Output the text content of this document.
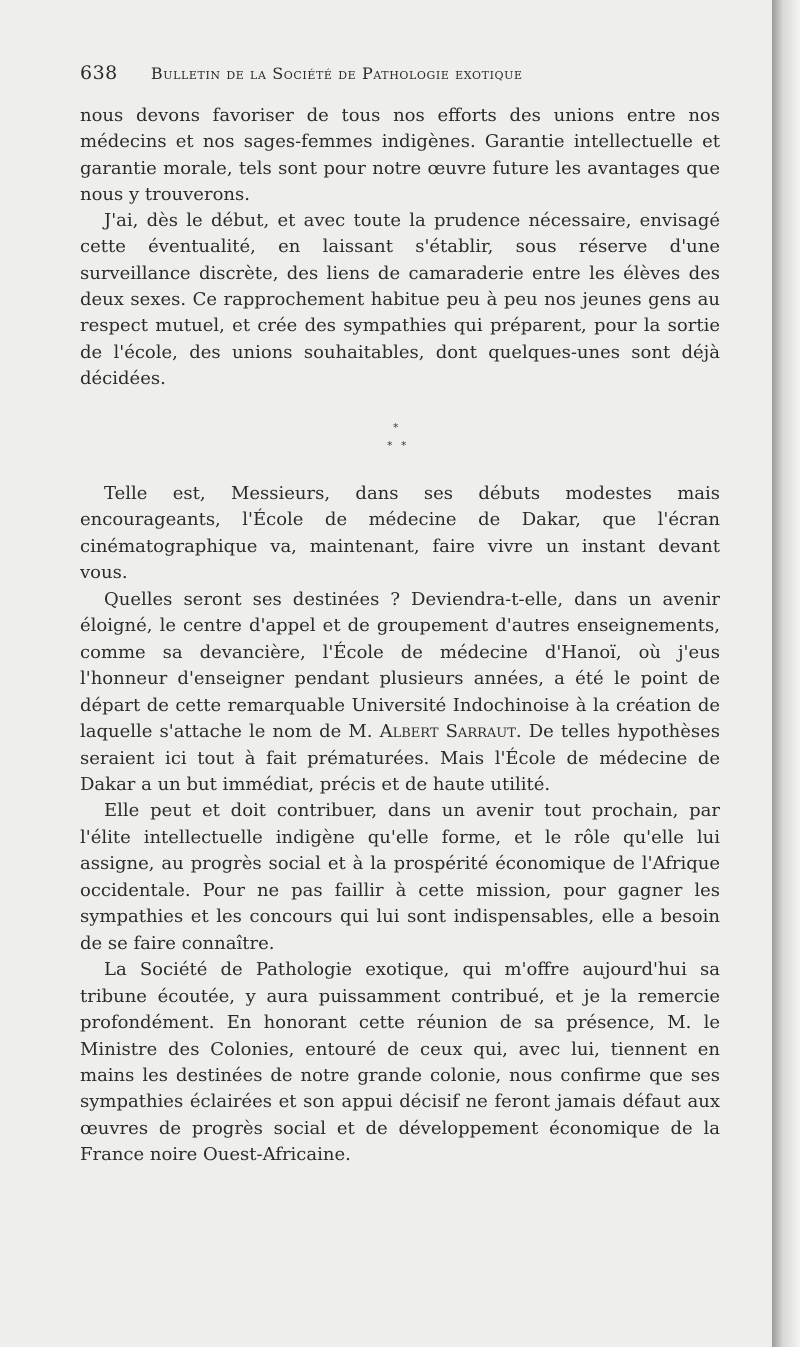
638 Bulletin de la Société de Pathologie exotique

nous devons favoriser de tous nos efforts des unions entre nos médecins et nos sages-femmes indigènes. Garantie intellectuelle et garantie morale, tels sont pour notre œuvre future les avantages que nous y trouverons.

J'ai, dès le début, et avec toute la prudence nécessaire, envisagé cette éventualité, en laissant s'établir, sous réserve d'une surveillance discrète, des liens de camaraderie entre les élèves des deux sexes. Ce rapprochement habitue peu à peu nos jeunes gens au respect mutuel, et crée des sympathies qui préparent, pour la sortie de l'école, des unions souhaitables, dont quelques-unes sont déjà décidées.

*
* *

Telle est, Messieurs, dans ses débuts modestes mais encourageants, l'École de médecine de Dakar, que l'écran cinématographique va, maintenant, faire vivre un instant devant vous.

Quelles seront ses destinées ? Deviendra-t-elle, dans un avenir éloigné, le centre d'appel et de groupement d'autres enseignements, comme sa devancière, l'École de médecine d'Hanoï, où j'eus l'honneur d'enseigner pendant plusieurs années, a été le point de départ de cette remarquable Université Indochinoise à la création de laquelle s'attache le nom de M. Albert Sarraut. De telles hypothèses seraient ici tout à fait prématurées. Mais l'École de médecine de Dakar a un but immédiat, précis et de haute utilité.

Elle peut et doit contribuer, dans un avenir tout prochain, par l'élite intellectuelle indigène qu'elle forme, et le rôle qu'elle lui assigne, au progrès social et à la prospérité économique de l'Afrique occidentale. Pour ne pas faillir à cette mission, pour gagner les sympathies et les concours qui lui sont indispensables, elle a besoin de se faire connaître.

La Société de Pathologie exotique, qui m'offre aujourd'hui sa tribune écoutée, y aura puissamment contribué, et je la remercie profondément. En honorant cette réunion de sa présence, M. le Ministre des Colonies, entouré de ceux qui, avec lui, tiennent en mains les destinées de notre grande colonie, nous confirme que ses sympathies éclairées et son appui décisif ne feront jamais défaut aux œuvres de progrès social et de développement économique de la France noire Ouest-Africaine.
